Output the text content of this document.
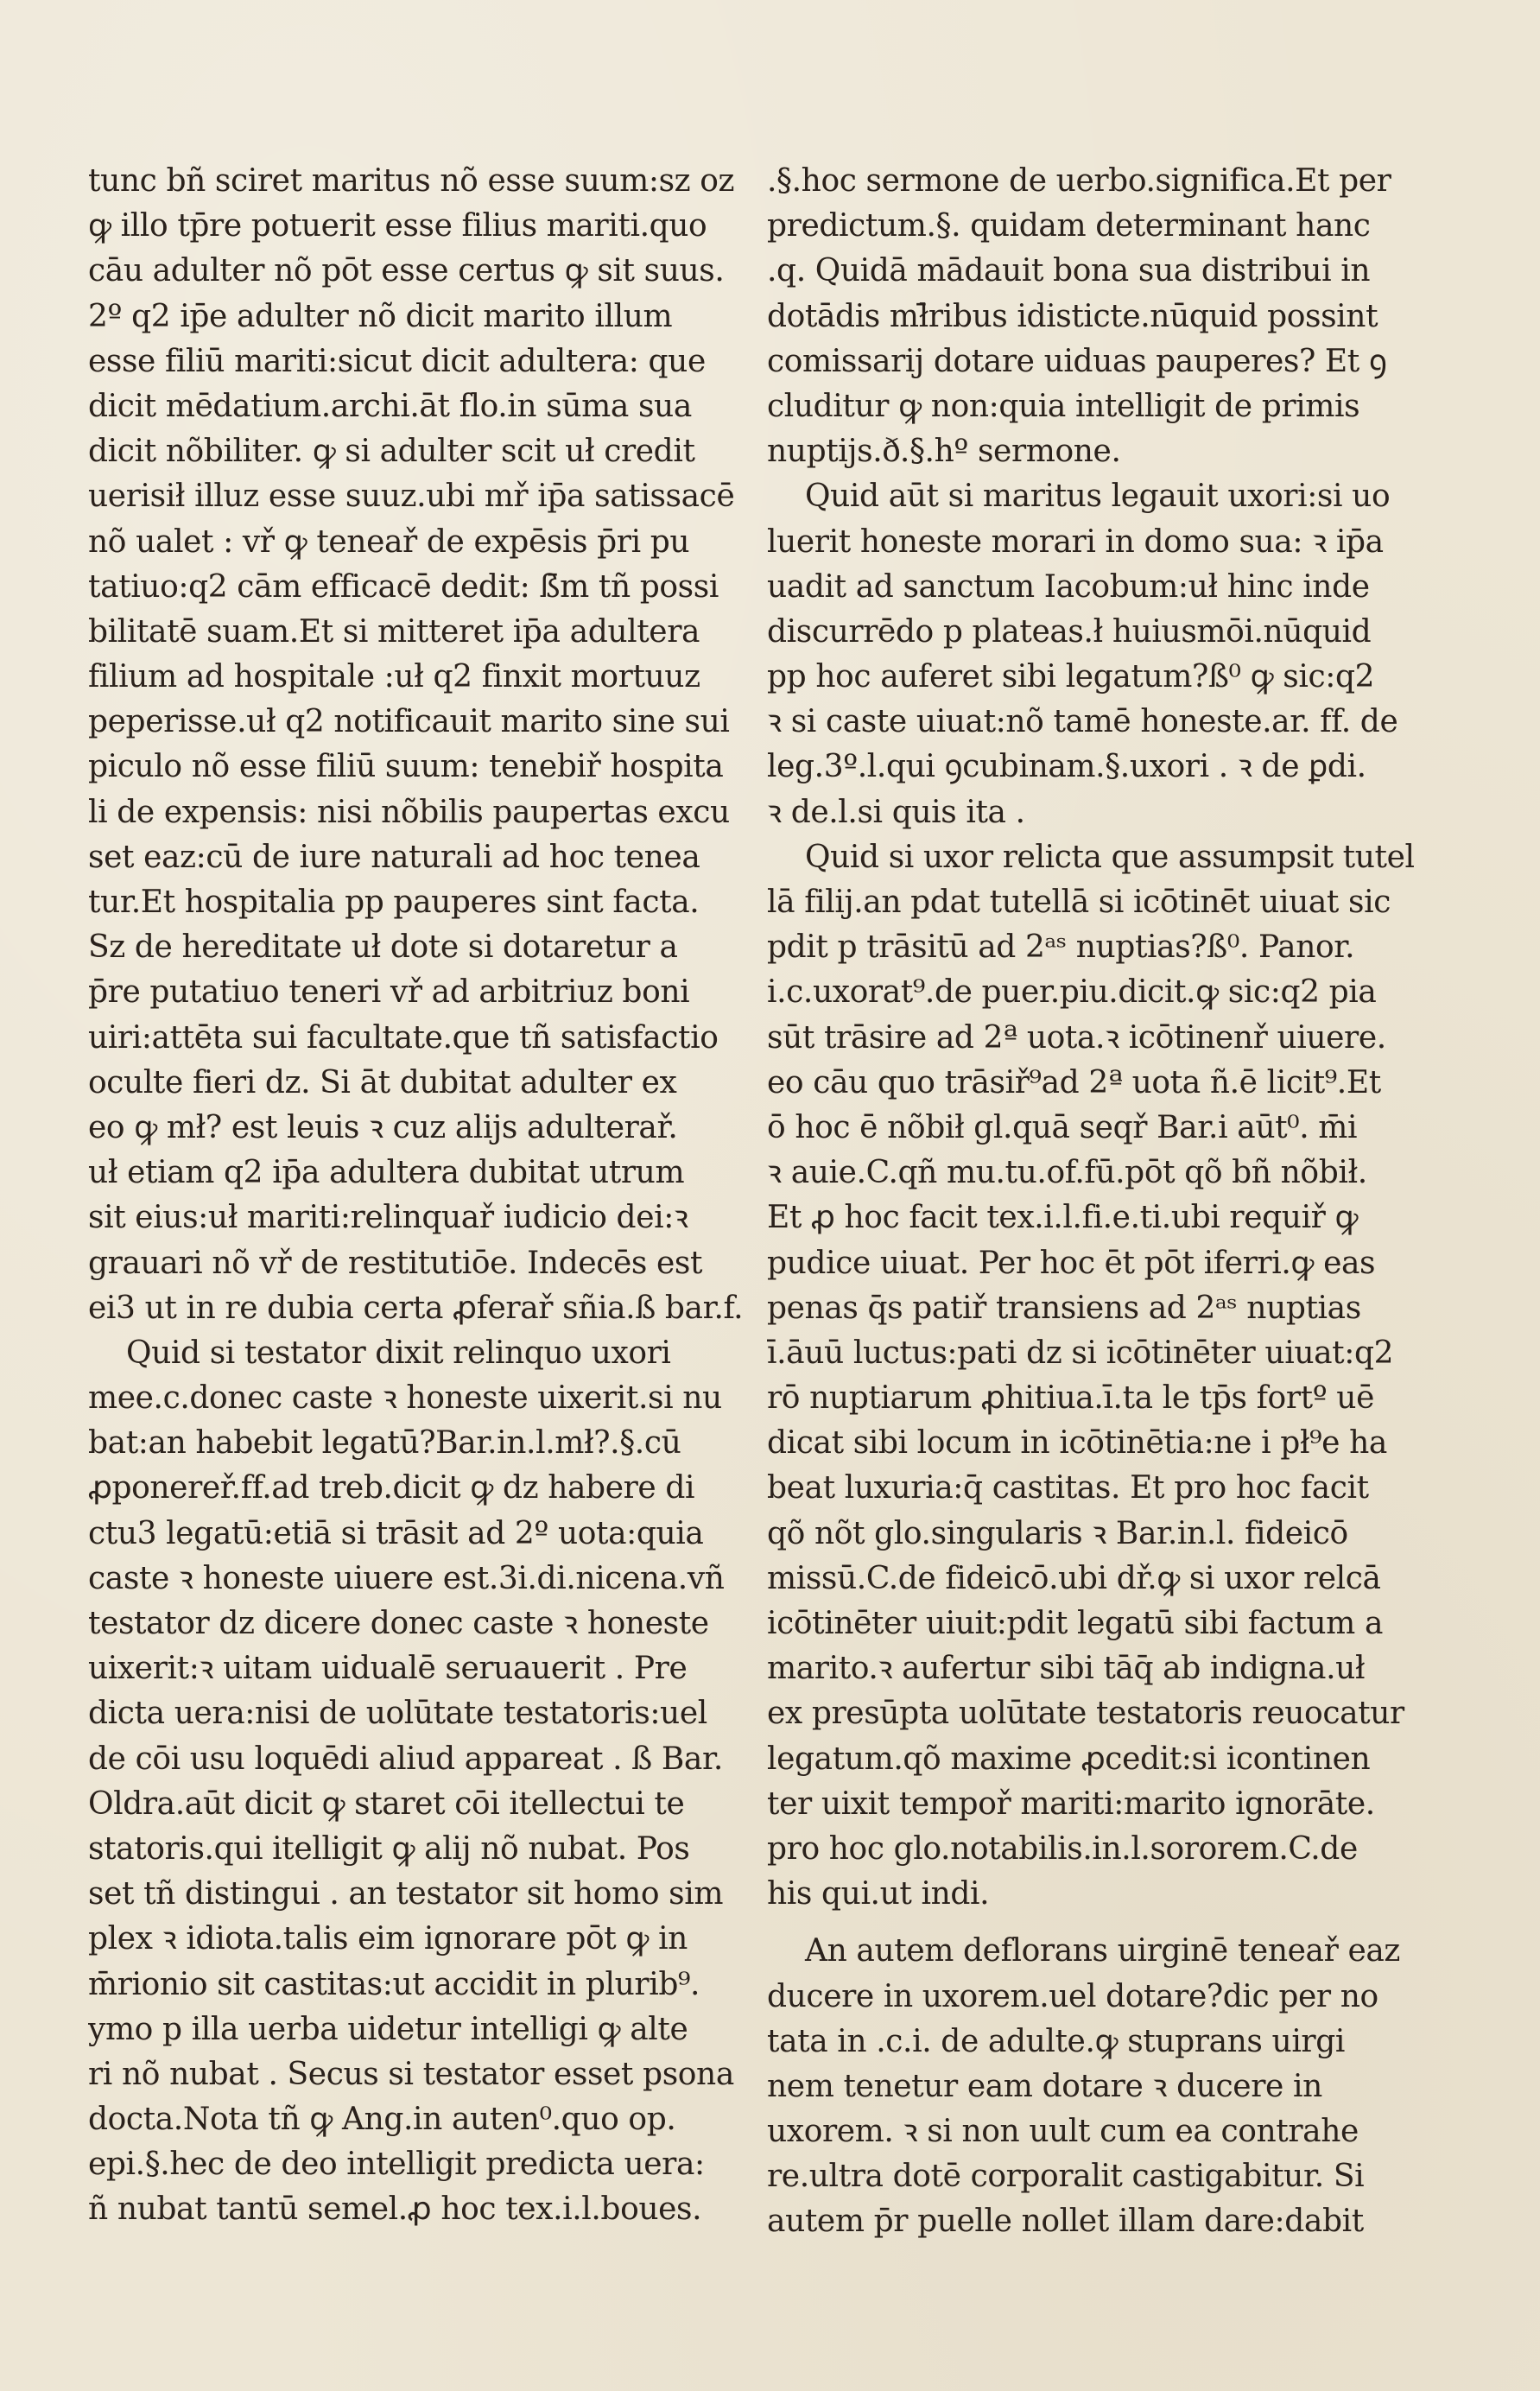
tunc bñ sciret maritus nõ esse suum:sz oz
ꝙ illo tp̄re potuerit esse filius mariti.quo
cāu adulter nõ pōt esse certus ꝙ sit suus.
2º q2 ip̄e adulter nõ dicit marito illum
esse filiū mariti:sicut dicit adultera: que
dicit mēdatium.archi.āt flo.in sūma sua
dicit nõbiliter. ꝙ si adulter scit uł credit
uerisił illuz esse suuz.ubi mř ip̄a satissacē
nõ ualet : vř ꝙ teneař de expēsis p̄ri pu
tatiuo:q2 cām efficacē dedit: ß̄m tñ possi
bilitatē suam.Et si mitteret ip̄a adultera
filium ad hospitale :uł q2 finxit mortuuz
peperisse.uł q2 notificauit marito sine sui
piculo nõ esse filiū suum: tenebiř hospita
li de expensis: nisi nõbilis paupertas excu
set eaz:cū de iure naturali ad hoc tenea
tur.Et hospitalia pp pauperes sint facta.
Sz de hereditate uł dote si dotaretur a
p̄re putatiuo teneri vř ad arbitriuz boni
uiri:attēta sui facultate.que tñ satisfactio
oculte fieri dz. Si āt dubitat adulter ex
eo ꝙ mł? est leuis ꝛ cuz alijs adulterař.
uł etiam q2 ip̄a adultera dubitat utrum
sit eius:uł mariti:relinquař iudicio dei:ꝛ
grauari nõ vř de restitutiōe. Indecēs est
ei3 ut in re dubia certa ꝓferař sñia.ß bar.f.
Quid si testator dixit relinquo uxori
mee.c.donec caste ꝛ honeste uixerit.si nu
bat:an habebit legatū?Bar.in.l.mł?.§.cū
ꝓponereř.ff.ad treb.dicit ꝙ dz habere di
ctu3 legatū:etiā si trāsit ad 2º uota:quia
caste ꝛ honeste uiuere est.3i.di.nicena.vñ
testator dz dicere donec caste ꝛ honeste
uixerit:ꝛ uitam uidualē seruauerit . Pre
dicta uera:nisi de uolūtate testatoris:uel
de cōi usu loquēdi aliud appareat . ß Bar.
Oldra.aūt dicit ꝙ staret cōi itellectui te
statoris.qui itelligit ꝙ alij nõ nubat. Pos
set tñ distingui . an testator sit homo sim
plex ꝛ idiota.talis eim ignorare pōt ꝙ in
m̄rionio sit castitas:ut accidit in plurib⁹.
ymo p illa uerba uidetur intelligi ꝙ alte
ri nõ nubat . Secus si testator esset psona
docta.Nota tñ ꝙ Ang.in auten⁰.quo op.
epi.§.hec de deo intelligit predicta uera:
ñ nubat tantū semel.ꝓ hoc tex.i.l.boues.
.§.hoc sermone de uerbo.significa.Et per
predictum.§. quidam determinant hanc
.q. Quidā mādauit bona sua distribui in
dotādis mł̄ribus idisticte.nūquid possint
comissarij dotare uiduas pauperes? Et ꝯ
cluditur ꝙ non:quia intelligit de primis
nuptijs.ð.§.hº sermone.
Quid aūt si maritus legauit uxori:si uo
luerit honeste morari in domo sua: ꝛ ip̄a
uadit ad sanctum Iacobum:uł hinc inde
discurrēdo p plateas.ł huiusmōi.nūquid
pp hoc auferet sibi legatum?ß⁰ ꝙ sic:q2
ꝛ si caste uiuat:nõ tamē honeste.ar. ff. de
leg.3º.l.qui ꝯcubinam.§.uxori . ꝛ de ꝑdi.
ꝛ de.l.si quis ita .
Quid si uxor relicta que assumpsit tutel
lā filij.an pdat tutellā si icōtinēt uiuat sic
pdit p trāsitū ad 2ᵃˢ nuptias?ß⁰. Panor.
i.c.uxorat⁹.de puer.piu.dicit.ꝙ sic:q2 pia
sūt trāsire ad 2ª uota.ꝛ icōtinenř uiuere.
eo cāu quo trāsiř⁹ad 2ª uota ñ.ē licit⁹.Et
ō hoc ē nõbił gl.quā seqř Bar.i aūt⁰. m̄i
ꝛ auie.C.qñ mu.tu.of.fū.pōt qõ bñ nõbił.
Et ꝓ hoc facit tex.i.l.fi.e.ti.ubi requiř ꝙ
pudice uiuat. Per hoc ēt pōt iferri.ꝙ eas
penas q̄s patiř transiens ad 2ᵃˢ nuptias
ī.āuū luctus:pati dz si icōtinēter uiuat:q2
rō nuptiarum ꝓhitiua.ī.ta le tp̄s fortº uē
dicat sibi locum in icōtinētia:ne i pł⁹e ha
beat luxuria:q̄ castitas. Et pro hoc facit
qõ nõt glo.singularis ꝛ Bar.in.l. fideicō
missū.C.de fideicō.ubi dř.ꝙ si uxor relcā
icōtinēter uiuit:pdit legatū sibi factum a
marito.ꝛ aufertur sibi tāq̄ ab indigna.uł
ex presūpta uolūtate testatoris reuocatur
legatum.qõ maxime ꝓcedit:si icontinen
ter uixit tempoř mariti:marito ignorāte.
pro hoc glo.notabilis.in.l.sororem.C.de
his qui.ut indi.
An autem deflorans uirginē teneař eaz
ducere in uxorem.uel dotare?dic per no
tata in .c.i. de adulte.ꝙ stuprans uirgi
nem tenetur eam dotare ꝛ ducere in
uxorem. ꝛ si non uult cum ea contrahe
re.ultra dotē corporalit castigabitur. Si
autem p̄r puelle nollet illam dare:dabit
